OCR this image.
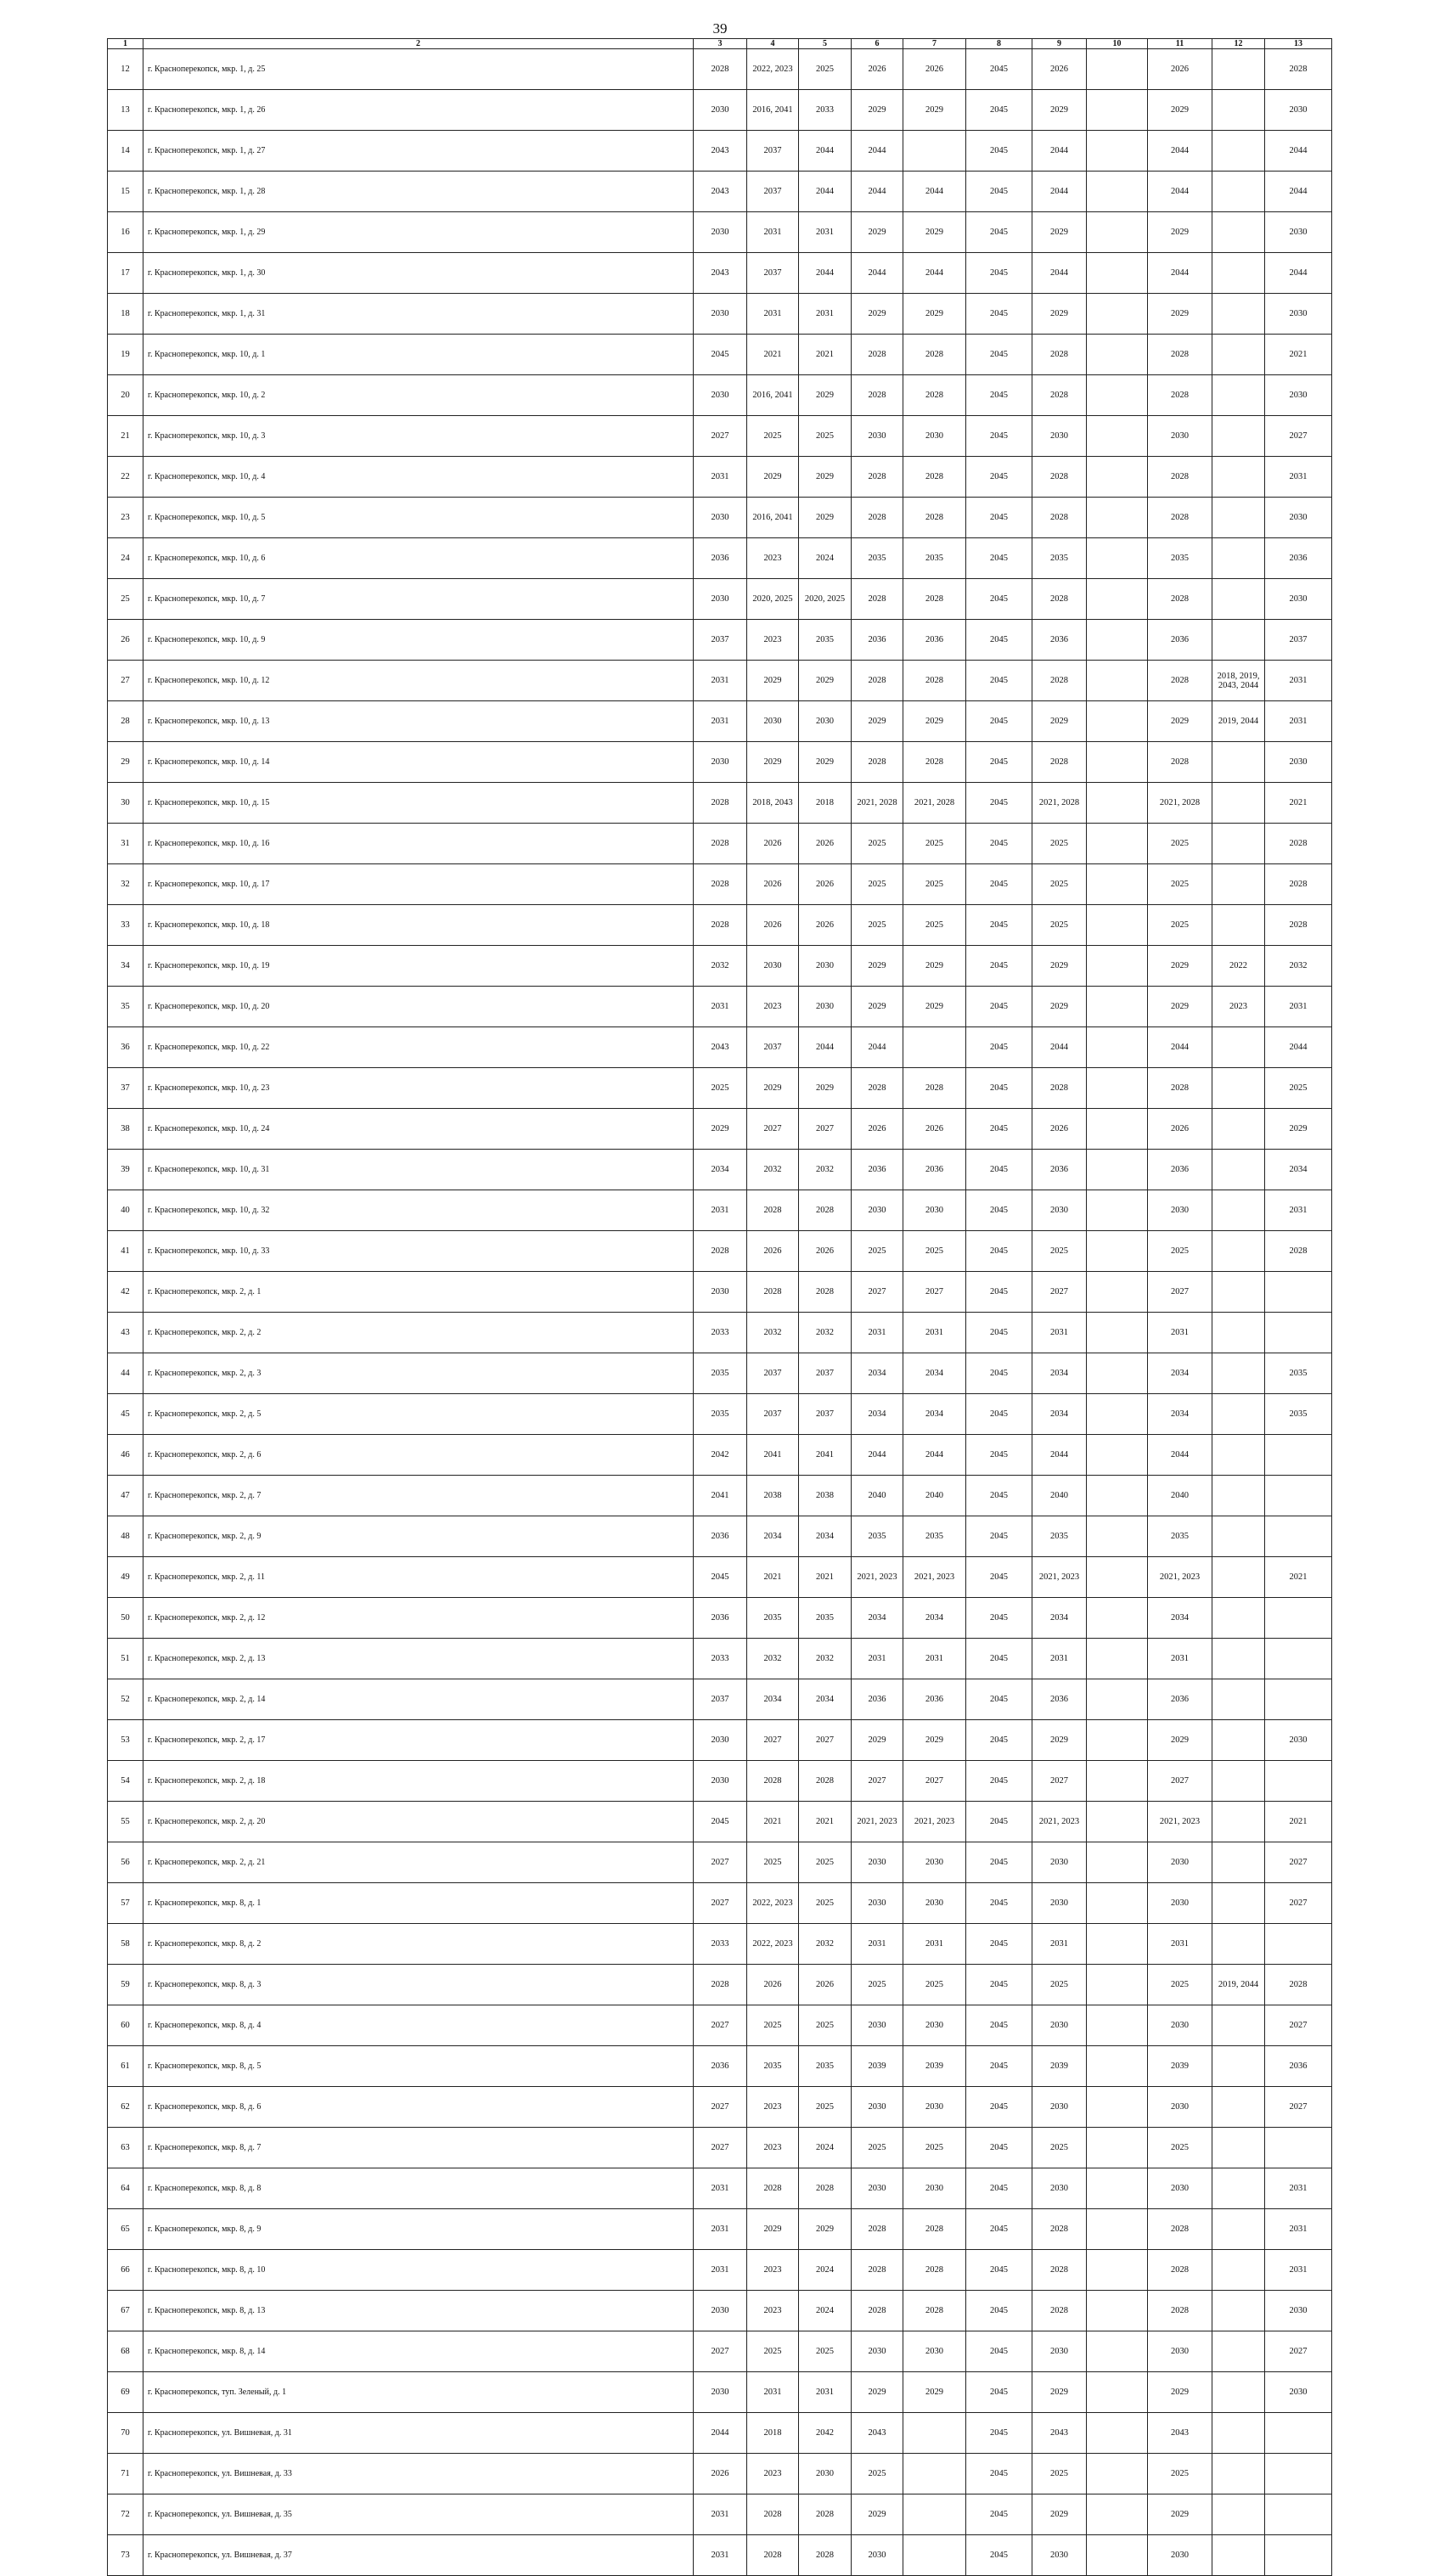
39
1	2	3	4	5	6	7	8	9	10	11	12	13
12	г. Красноперекопск, мкр. 1, д. 25	2028	2022, 2023	2025	2026	2026	2045	2026		2026		2028
13	г. Красноперекопск, мкр. 1, д. 26	2030	2016, 2041	2033	2029	2029	2045	2029		2029		2030
14	г. Красноперекопск, мкр. 1, д. 27	2043	2037	2044	2044		2045	2044		2044		2044
15	г. Красноперекопск, мкр. 1, д. 28	2043	2037	2044	2044	2044	2045	2044		2044		2044
16	г. Красноперекопск, мкр. 1, д. 29	2030	2031	2031	2029	2029	2045	2029		2029		2030
17	г. Красноперекопск, мкр. 1, д. 30	2043	2037	2044	2044	2044	2045	2044		2044		2044
18	г. Красноперекопск, мкр. 1, д. 31	2030	2031	2031	2029	2029	2045	2029		2029		2030
19	г. Красноперекопск, мкр. 10, д. 1	2045	2021	2021	2028	2028	2045	2028		2028		2021
20	г. Красноперекопск, мкр. 10, д. 2	2030	2016, 2041	2029	2028	2028	2045	2028		2028		2030
21	г. Красноперекопск, мкр. 10, д. 3	2027	2025	2025	2030	2030	2045	2030		2030		2027
22	г. Красноперекопск, мкр. 10, д. 4	2031	2029	2029	2028	2028	2045	2028		2028		2031
23	г. Красноперекопск, мкр. 10, д. 5	2030	2016, 2041	2029	2028	2028	2045	2028		2028		2030
24	г. Красноперекопск, мкр. 10, д. 6	2036	2023	2024	2035	2035	2045	2035		2035		2036
25	г. Красноперекопск, мкр. 10, д. 7	2030	2020, 2025	2020, 2025	2028	2028	2045	2028		2028		2030
26	г. Красноперекопск, мкр. 10, д. 9	2037	2023	2035	2036	2036	2045	2036		2036		2037
27	г. Красноперекопск, мкр. 10, д. 12	2031	2029	2029	2028	2028	2045	2028		2028	2018, 2019, 2043, 2044	2031
28	г. Красноперекопск, мкр. 10, д. 13	2031	2030	2030	2029	2029	2045	2029		2029	2019, 2044	2031
29	г. Красноперекопск, мкр. 10, д. 14	2030	2029	2029	2028	2028	2045	2028		2028		2030
30	г. Красноперекопск, мкр. 10, д. 15	2028	2018, 2043	2018	2021, 2028	2021, 2028	2045	2021, 2028		2021, 2028		2021
31	г. Красноперекопск, мкр. 10, д. 16	2028	2026	2026	2025	2025	2045	2025		2025		2028
32	г. Красноперекопск, мкр. 10, д. 17	2028	2026	2026	2025	2025	2045	2025		2025		2028
33	г. Красноперекопск, мкр. 10, д. 18	2028	2026	2026	2025	2025	2045	2025		2025		2028
34	г. Красноперекопск, мкр. 10, д. 19	2032	2030	2030	2029	2029	2045	2029		2029	2022	2032
35	г. Красноперекопск, мкр. 10, д. 20	2031	2023	2030	2029	2029	2045	2029		2029	2023	2031
36	г. Красноперекопск, мкр. 10, д. 22	2043	2037	2044	2044		2045	2044		2044		2044
37	г. Красноперекопск, мкр. 10, д. 23	2025	2029	2029	2028	2028	2045	2028		2028		2025
38	г. Красноперекопск, мкр. 10, д. 24	2029	2027	2027	2026	2026	2045	2026		2026		2029
39	г. Красноперекопск, мкр. 10, д. 31	2034	2032	2032	2036	2036	2045	2036		2036		2034
40	г. Красноперекопск, мкр. 10, д. 32	2031	2028	2028	2030	2030	2045	2030		2030		2031
41	г. Красноперекопск, мкр. 10, д. 33	2028	2026	2026	2025	2025	2045	2025		2025		2028
42	г. Красноперекопск, мкр. 2, д. 1	2030	2028	2028	2027	2027	2045	2027		2027		
43	г. Красноперекопск, мкр. 2, д. 2	2033	2032	2032	2031	2031	2045	2031		2031		
44	г. Красноперекопск, мкр. 2, д. 3	2035	2037	2037	2034	2034	2045	2034		2034		2035
45	г. Красноперекопск, мкр. 2, д. 5	2035	2037	2037	2034	2034	2045	2034		2034		2035
46	г. Красноперекопск, мкр. 2, д. 6	2042	2041	2041	2044	2044	2045	2044		2044		
47	г. Красноперекопск, мкр. 2, д. 7	2041	2038	2038	2040	2040	2045	2040		2040		
48	г. Красноперекопск, мкр. 2, д. 9	2036	2034	2034	2035	2035	2045	2035		2035		
49	г. Красноперекопск, мкр. 2, д. 11	2045	2021	2021	2021, 2023	2021, 2023	2045	2021, 2023		2021, 2023		2021
50	г. Красноперекопск, мкр. 2, д. 12	2036	2035	2035	2034	2034	2045	2034		2034		
51	г. Красноперекопск, мкр. 2, д. 13	2033	2032	2032	2031	2031	2045	2031		2031		
52	г. Красноперекопск, мкр. 2, д. 14	2037	2034	2034	2036	2036	2045	2036		2036		
53	г. Красноперекопск, мкр. 2, д. 17	2030	2027	2027	2029	2029	2045	2029		2029		2030
54	г. Красноперекопск, мкр. 2, д. 18	2030	2028	2028	2027	2027	2045	2027		2027		
55	г. Красноперекопск, мкр. 2, д. 20	2045	2021	2021	2021, 2023	2021, 2023	2045	2021, 2023		2021, 2023		2021
56	г. Красноперекопск, мкр. 2, д. 21	2027	2025	2025	2030	2030	2045	2030		2030		2027
57	г. Красноперекопск, мкр. 8, д. 1	2027	2022, 2023	2025	2030	2030	2045	2030		2030		2027
58	г. Красноперекопск, мкр. 8, д. 2	2033	2022, 2023	2032	2031	2031	2045	2031		2031		
59	г. Красноперекопск, мкр. 8, д. 3	2028	2026	2026	2025	2025	2045	2025		2025	2019, 2044	2028
60	г. Красноперекопск, мкр. 8, д. 4	2027	2025	2025	2030	2030	2045	2030		2030		2027
61	г. Красноперекопск, мкр. 8, д. 5	2036	2035	2035	2039	2039	2045	2039		2039		2036
62	г. Красноперекопск, мкр. 8, д. 6	2027	2023	2025	2030	2030	2045	2030		2030		2027
63	г. Красноперекопск, мкр. 8, д. 7	2027	2023	2024	2025	2025	2045	2025		2025		
64	г. Красноперекопск, мкр. 8, д. 8	2031	2028	2028	2030	2030	2045	2030		2030		2031
65	г. Красноперекопск, мкр. 8, д. 9	2031	2029	2029	2028	2028	2045	2028		2028		2031
66	г. Красноперекопск, мкр. 8, д. 10	2031	2023	2024	2028	2028	2045	2028		2028		2031
67	г. Красноперекопск, мкр. 8, д. 13	2030	2023	2024	2028	2028	2045	2028		2028		2030
68	г. Красноперекопск, мкр. 8, д. 14	2027	2025	2025	2030	2030	2045	2030		2030		2027
69	г. Красноперекопск, туп. Зеленый, д. 1	2030	2031	2031	2029	2029	2045	2029		2029		2030
70	г. Красноперекопск, ул. Вишневая, д. 31	2044	2018	2042	2043		2045	2043		2043		
71	г. Красноперекопск, ул. Вишневая, д. 33	2026	2023	2030	2025		2045	2025		2025		
72	г. Красноперекопск, ул. Вишневая, д. 35	2031	2028	2028	2029		2045	2029		2029		
73	г. Красноперекопск, ул. Вишневая, д. 37	2031	2028	2028	2030		2045	2030		2030		
